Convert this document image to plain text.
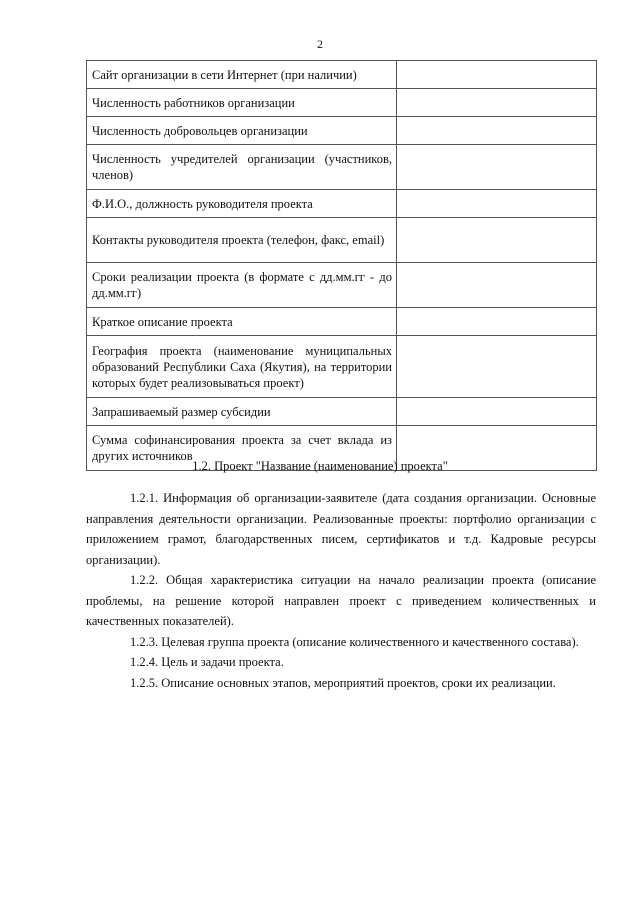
2
Сайт организации в сети Интернет (при наличии)	
Численность работников организации	
Численность добровольцев организации	
Численность учредителей организации (участников, членов)	
Ф.И.О., должность руководителя проекта	
Контакты руководителя проекта (телефон, факс, email)	
Сроки реализации проекта (в формате с дд.мм.гг - до дд.мм.гг)	
Краткое описание проекта	
География проекта (наименование муниципальных образований Республики Саха (Якутия), на территории которых будет реализовываться проект)	
Запрашиваемый размер субсидии	
Сумма софинансирования проекта за счет вклада из других источников	
1.2. Проект "Название (наименование) проекта"

1.2.1. Информация об организации-заявителе (дата создания организации. Основные направления деятельности организации. Реализованные проекты: портфолио организации с приложением грамот, благодарственных писем, сертификатов и т.д. Кадровые ресурсы организации).

1.2.2. Общая характеристика ситуации на начало реализации проекта (описание проблемы, на решение которой направлен проект с приведением количественных и качественных показателей).

1.2.3. Целевая группа проекта (описание количественного и качественного состава).

1.2.4. Цель и задачи проекта.

1.2.5. Описание основных этапов, мероприятий проектов, сроки их реализации.
